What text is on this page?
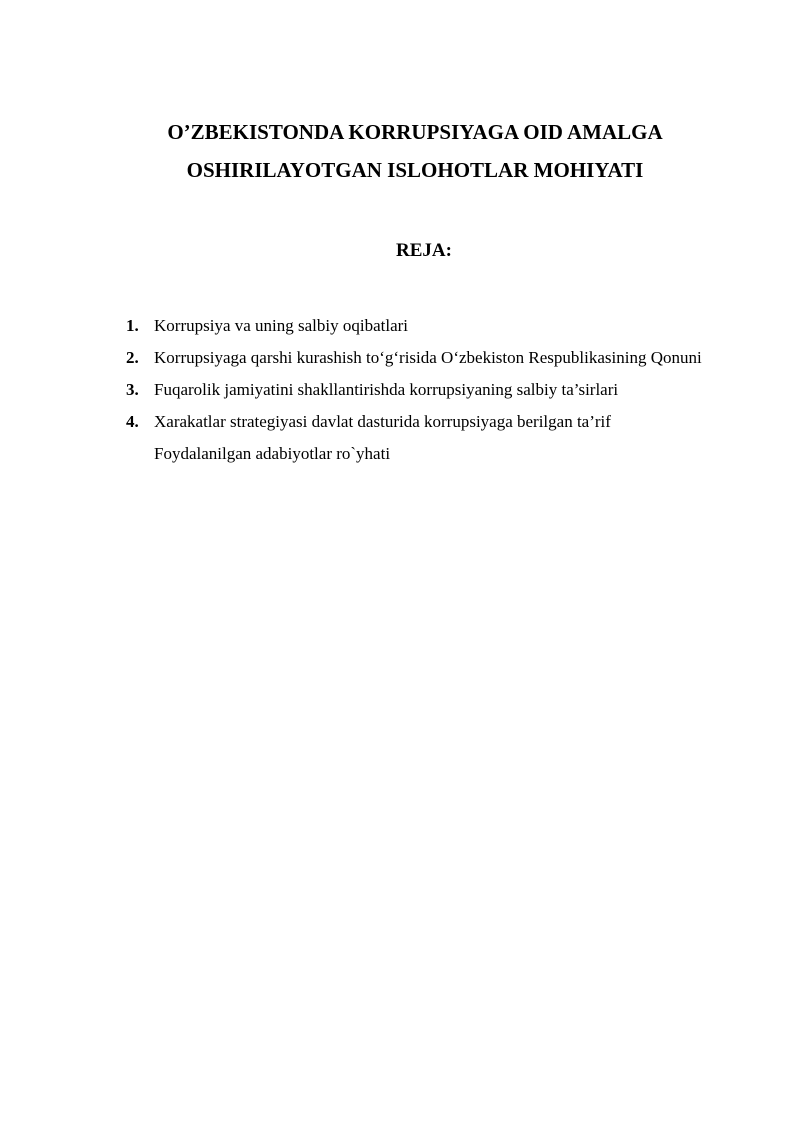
O’ZBEKISTONDA KORRUPSIYAGA OID AMALGA
OSHIRILAYOTGAN ISLOHOTLAR MOHIYATI
REJA:
1. Korrupsiya va uning salbiy oqibatlari
2. Korrupsiyaga qarshi kurashish to‘g‘risida O‘zbekiston Respublikasining Qonuni
3. Fuqarolik jamiyatini shakllantirishda korrupsiyaning salbiy ta’sirlari
4. Xarakatlar strategiyasi davlat dasturida korrupsiyaga berilgan ta’rif
Foydalanilgan adabiyotlar ro`yhati
